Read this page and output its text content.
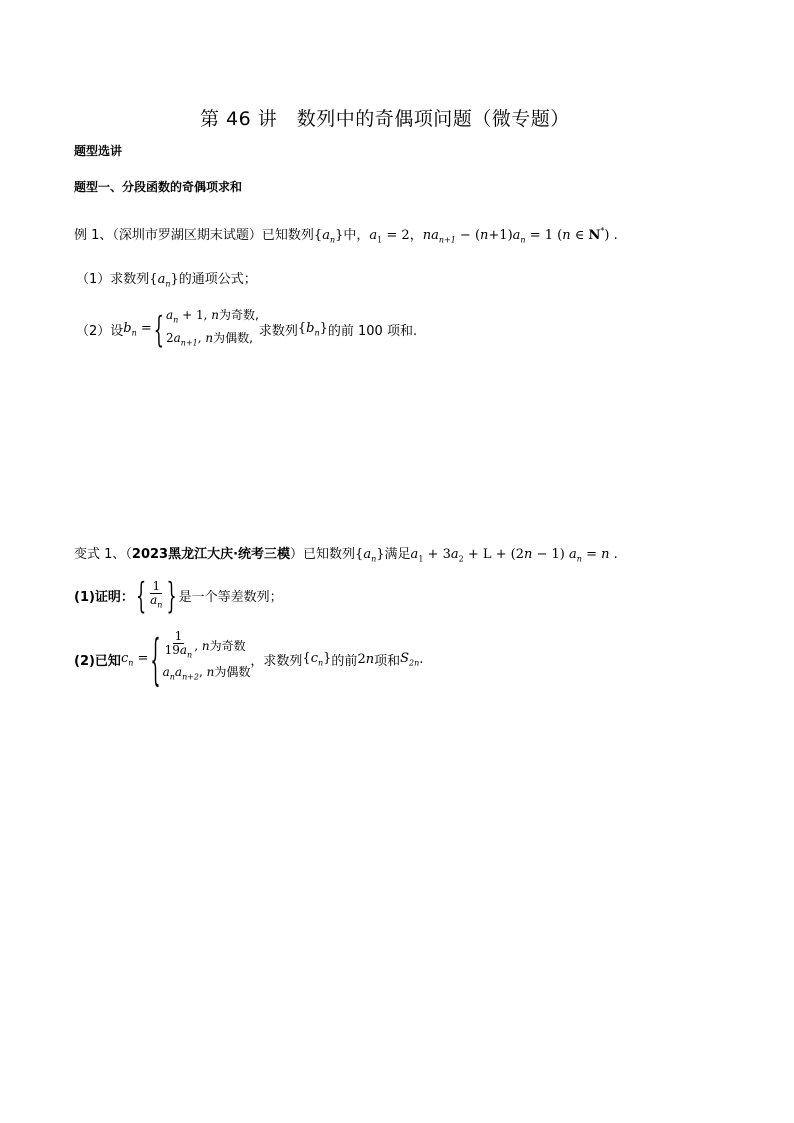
第 46 讲　数列中的奇偶项问题（微专题）
题型选讲
题型一、分段函数的奇偶项求和
例 1、（深圳市罗湖区期末试题）已知数列$\{a_n\}$中，$a_1 = 2$，$na_{n+1} - (n+1)a_n = 1$ (n ∈ N*) .
（1）求数列$\{a_n\}$的通项公式；
（2）设 $b_n$ = { $a_n + 1$, n为奇数,
$2a_{n+1}$, n为偶数, 求数列 $\{b_n\}$ 的前 100 项和.
变式 1、（2023黑龙江大庆·统考三模）已知数列$\{a_n\}$满足$a_1 + 3a_2 + L + (2n - 1) a_n = n$ .
(1)证明： { $\frac{1}{a_n}$ } 是一个等差数列；
(2)已知 $c_n$ = { $\frac{1}{19a_n}$ , n 为奇数
$a_na_{n+2}$, n为偶数
，求数列 $\{c_n\}$ 的前 2n 项和 $S_{2n}$ .
